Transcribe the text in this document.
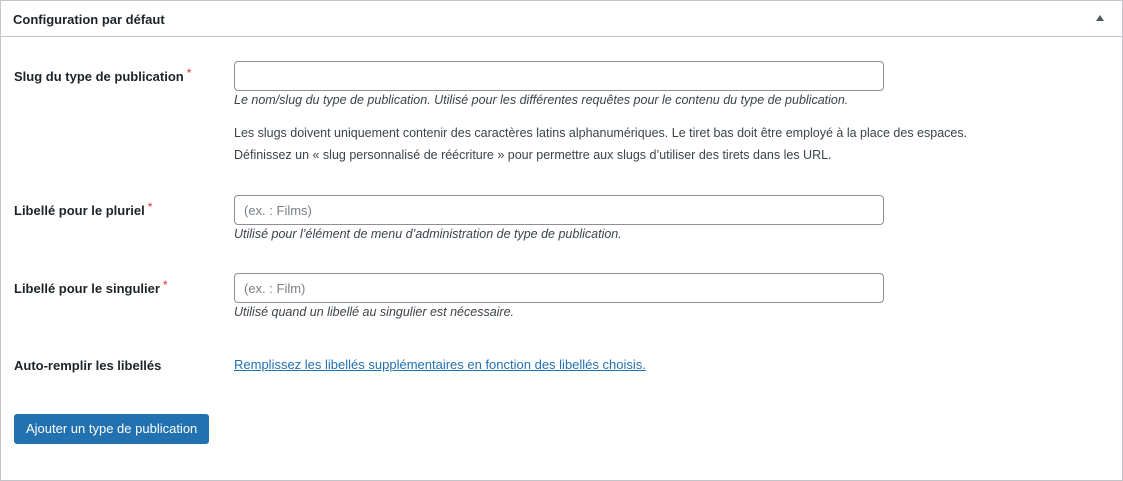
Configuration par défaut
Slug du type de publication *
Le nom/slug du type de publication. Utilisé pour les différentes requêtes pour le contenu du type de publication.
Les slugs doivent uniquement contenir des caractères latins alphanumériques. Le tiret bas doit être employé à la place des espaces.
Définissez un « slug personnalisé de réécriture » pour permettre aux slugs d’utiliser des tirets dans les URL.
Libellé pour le pluriel *
(ex. : Films)
Utilisé pour l’élément de menu d’administration de type de publication.
Libellé pour le singulier *
(ex. : Film)
Utilisé quand un libellé au singulier est nécessaire.
Auto-remplir les libellés	Remplissez les libellés supplémentaires en fonction des libellés choisis.
Ajouter un type de publication
